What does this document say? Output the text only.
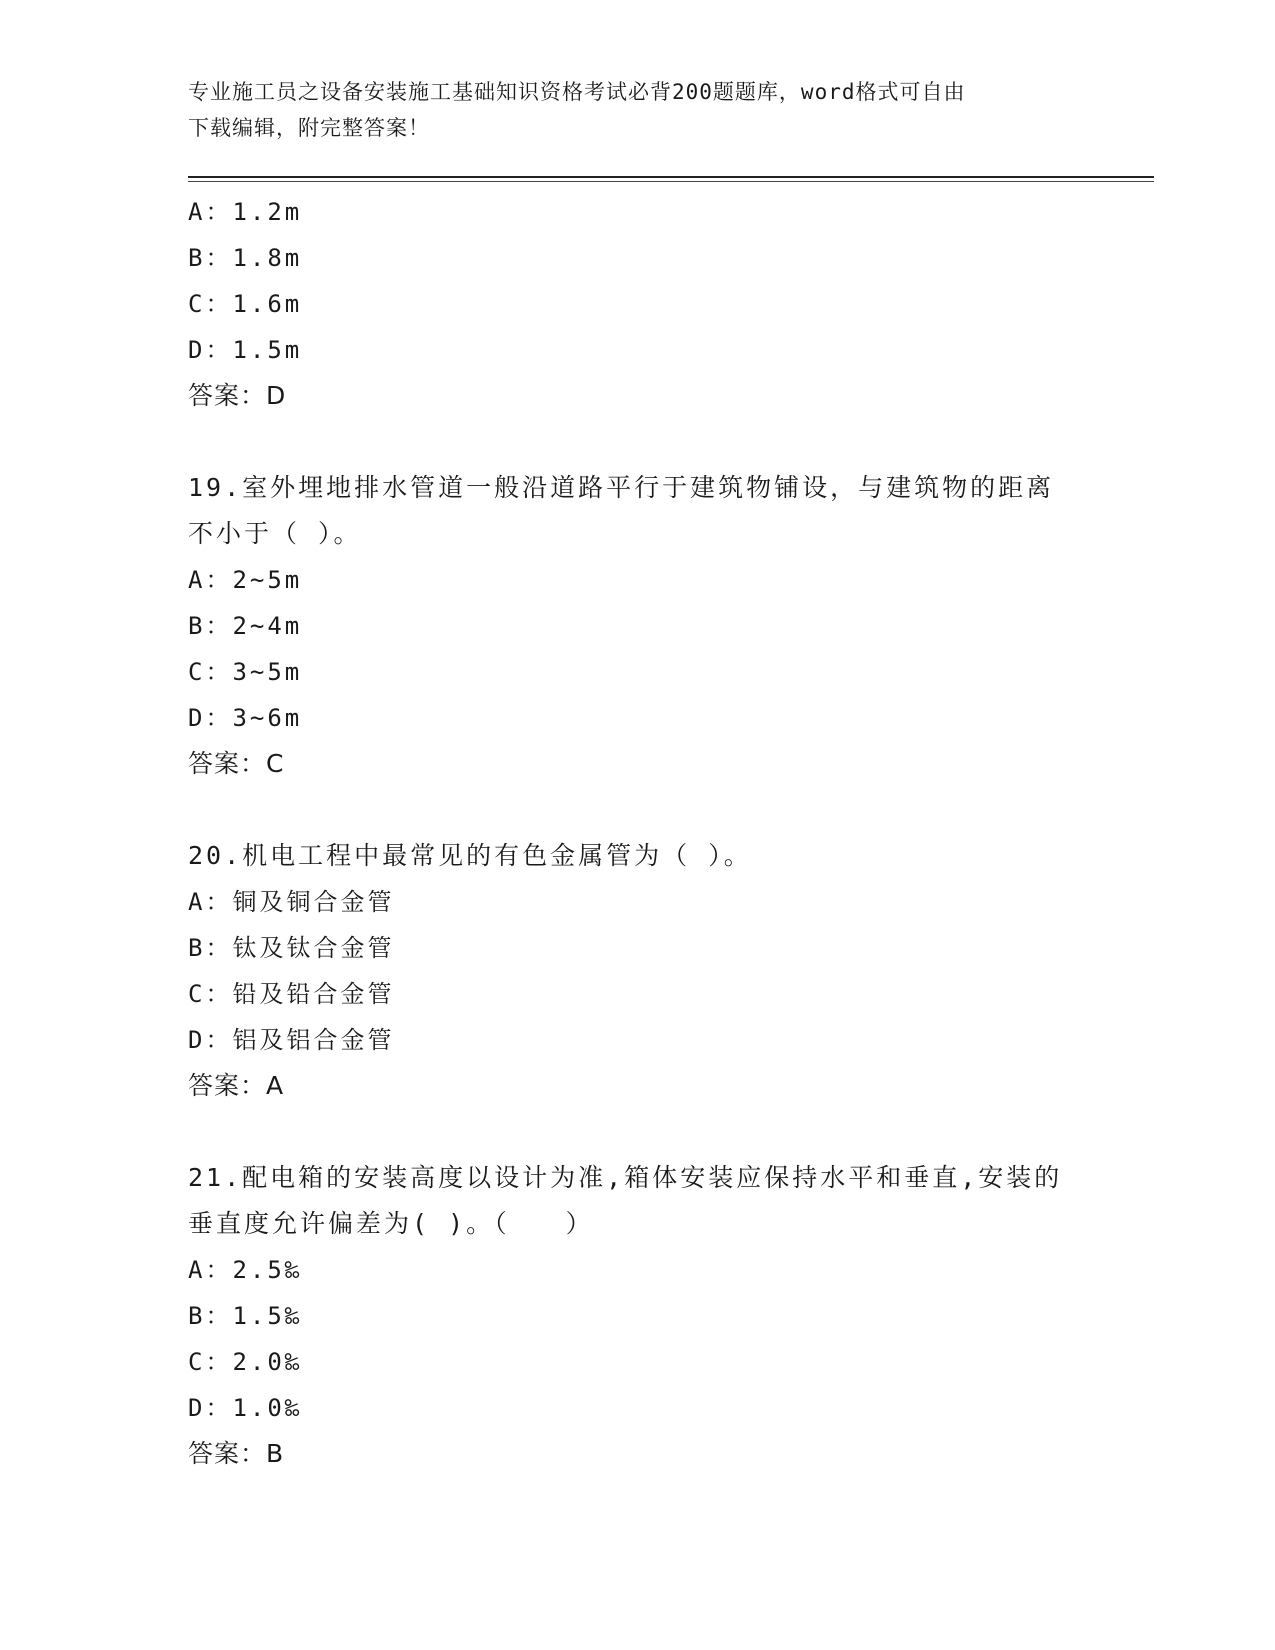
专业施工员之设备安装施工基础知识资格考试必背200题题库，word格式可自由
下载编辑，附完整答案！
A：1.2m
B：1.8m
C：1.6m
D：1.5m
答案：D
19.室外埋地排水管道一般沿道路平行于建筑物铺设，与建筑物的距离
不小于（ ）。
A：2~5m
B：2~4m
C：3~5m
D：3~6m
答案：C
20.机电工程中最常见的有色金属管为（ ）。
A：铜及铜合金管
B：钛及钛合金管
C：铅及铅合金管
D：铝及铝合金管
答案：A
21.配电箱的安装高度以设计为准,箱体安装应保持水平和垂直,安装的
垂直度允许偏差为( )。（　　）
A：2.5‰
B：1.5‰
C：2.0‰
D：1.0‰
答案：B
